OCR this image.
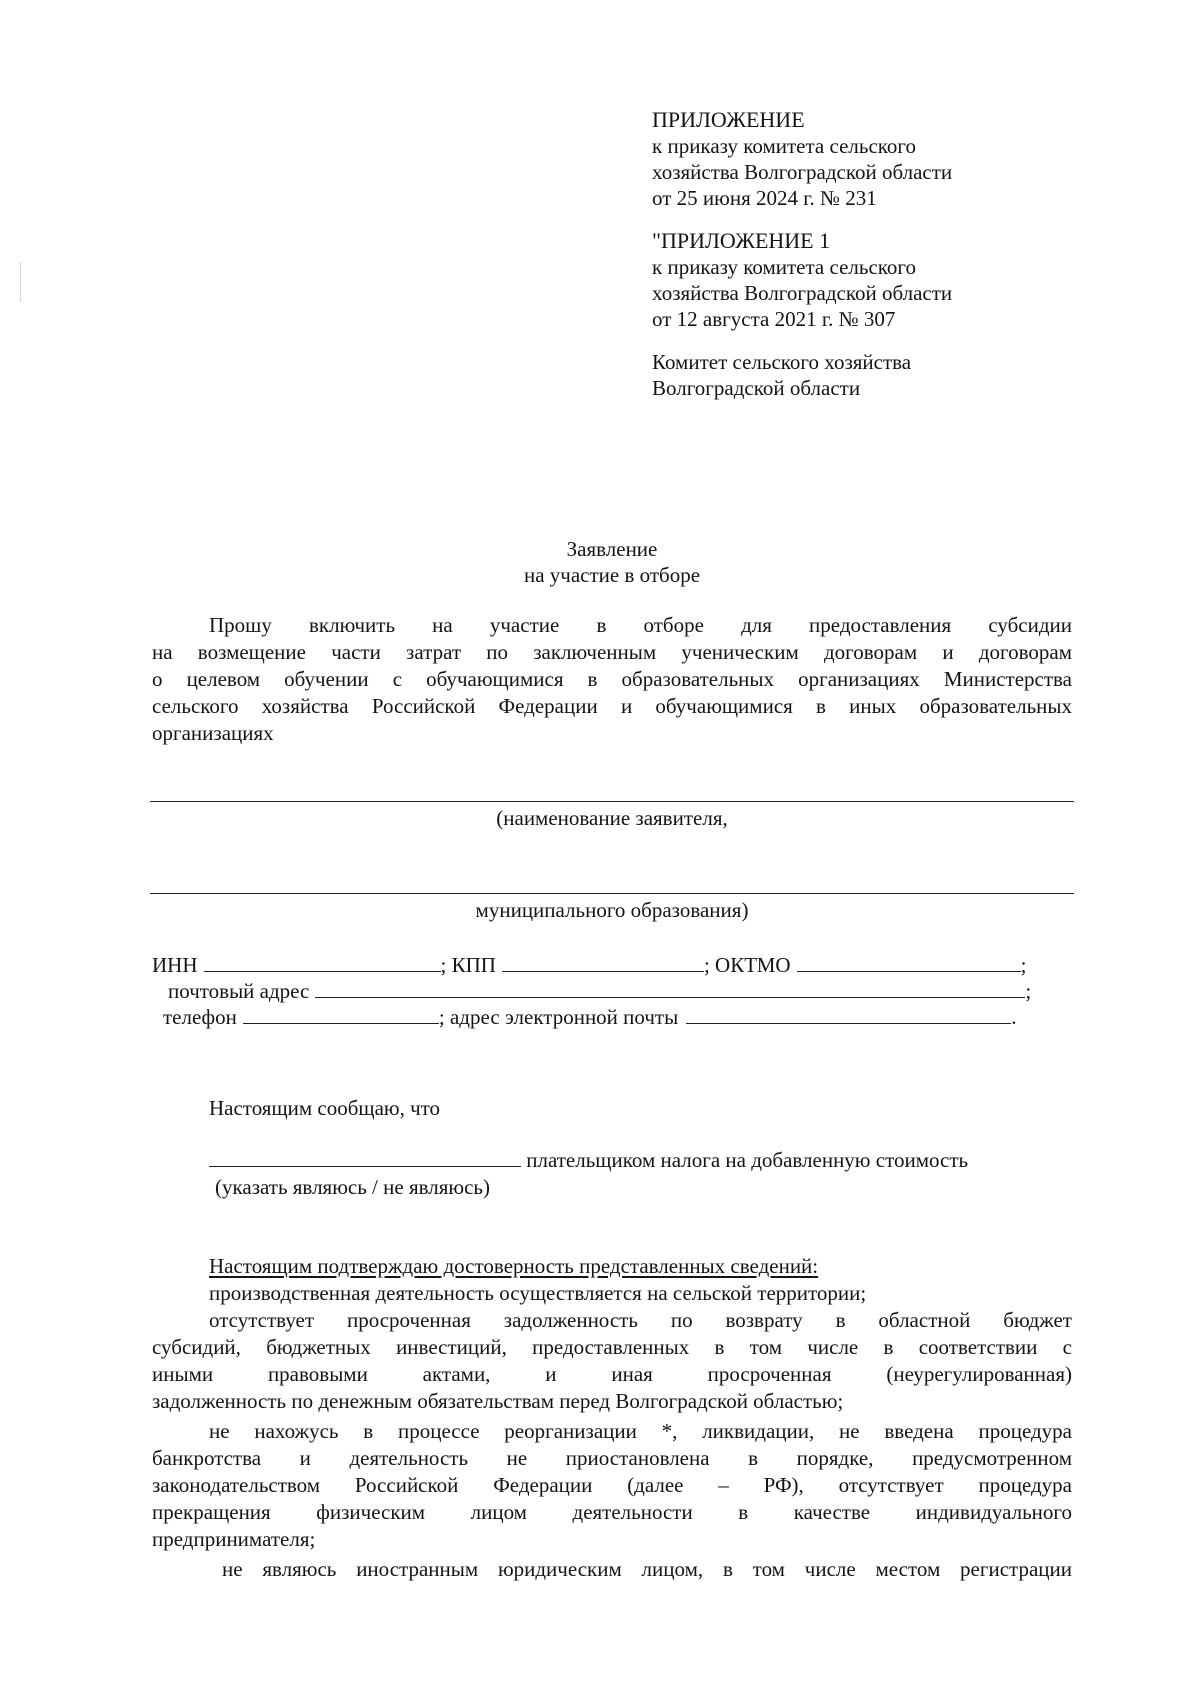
ПРИЛОЖЕНИЕ
к приказу комитета сельского
хозяйства Волгоградской области
от 25 июня 2024 г. № 231
"ПРИЛОЖЕНИЕ 1
к приказу комитета сельского
хозяйства Волгоградской области
от 12 августа 2021 г. № 307
Комитет сельского хозяйства
Волгоградской области
Заявление
на участие в отборе
Прошу включить на участие в отборе для предоставления субсидии
на возмещение части затрат по заключенным ученическим договорам и договорам
о целевом обучении с обучающимися в образовательных организациях Министерства
сельского хозяйства Российской Федерации и обучающимися в иных образовательных
организациях
(наименование заявителя,
муниципального образования)
ИНН	; КПП	; ОКТМО	;
почтовый адрес	;
телефон	; адрес электронной почты	.
Настоящим сообщаю, что
плательщиком налога на добавленную стоимость
(указать являюсь / не являюсь)
Настоящим подтверждаю достоверность представленных сведений:
производственная деятельность осуществляется на сельской территории;
отсутствует просроченная задолженность по возврату в областной бюджет
субсидий, бюджетных инвестиций, предоставленных в том числе в соответствии с
иными правовыми актами, и иная просроченная (неурегулированная)
задолженность по денежным обязательствам перед Волгоградской областью;
не нахожусь в процессе реорганизации *, ликвидации, не введена процедура
банкротства и деятельность не приостановлена в порядке, предусмотренном
законодательством Российской Федерации (далее – РФ), отсутствует процедура
прекращения физическим лицом деятельности в качестве индивидуального
предпринимателя;
не являюсь иностранным юридическим лицом, в том числе местом регистрации
